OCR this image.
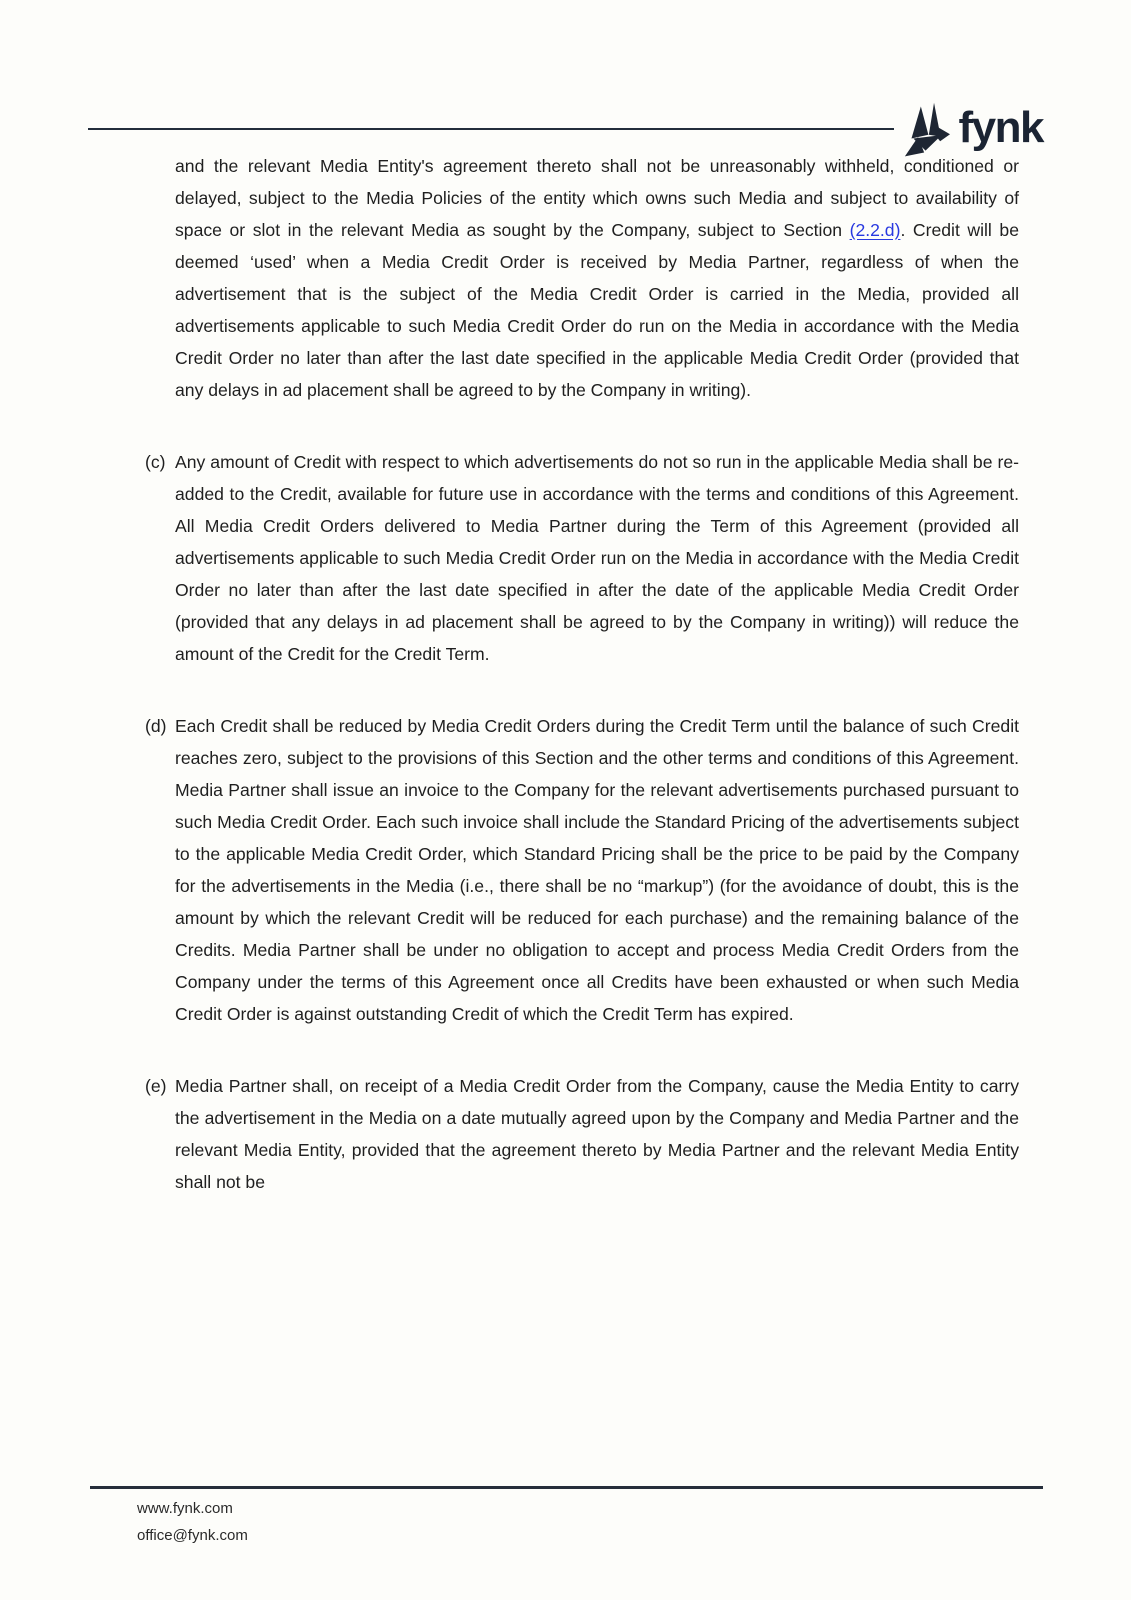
fynk

and the relevant Media Entity's agreement thereto shall not be unreasonably withheld, conditioned or delayed, subject to the Media Policies of the entity which owns such Media and subject to availability of space or slot in the relevant Media as sought by the Company, subject to Section (2.2.d). Credit will be deemed ‘used’ when a Media Credit Order is received by Media Partner, regardless of when the advertisement that is the subject of the Media Credit Order is carried in the Media, provided all advertisements applicable to such Media Credit Order do run on the Media in accordance with the Media Credit Order no later than after the last date specified in the applicable Media Credit Order (provided that any delays in ad placement shall be agreed to by the Company in writing).

(c) Any amount of Credit with respect to which advertisements do not so run in the applicable Media shall be re-added to the Credit, available for future use in accordance with the terms and conditions of this Agreement. All Media Credit Orders delivered to Media Partner during the Term of this Agreement (provided all advertisements applicable to such Media Credit Order run on the Media in accordance with the Media Credit Order no later than after the last date specified in after the date of the applicable Media Credit Order (provided that any delays in ad placement shall be agreed to by the Company in writing)) will reduce the amount of the Credit for the Credit Term.
(d) Each Credit shall be reduced by Media Credit Orders during the Credit Term until the balance of such Credit reaches zero, subject to the provisions of this Section and the other terms and conditions of this Agreement. Media Partner shall issue an invoice to the Company for the relevant advertisements purchased pursuant to such Media Credit Order. Each such invoice shall include the Standard Pricing of the advertisements subject to the applicable Media Credit Order, which Standard Pricing shall be the price to be paid by the Company for the advertisements in the Media (i.e., there shall be no “markup”) (for the avoidance of doubt, this is the amount by which the relevant Credit will be reduced for each purchase) and the remaining balance of the Credits. Media Partner shall be under no obligation to accept and process Media Credit Orders from the Company under the terms of this Agreement once all Credits have been exhausted or when such Media Credit Order is against outstanding Credit of which the Credit Term has expired.
(e) Media Partner shall, on receipt of a Media Credit Order from the Company, cause the Media Entity to carry the advertisement in the Media on a date mutually agreed upon by the Company and Media Partner and the relevant Media Entity, provided that the agreement thereto by Media Partner and the relevant Media Entity shall not be
www.fynk.com
office@fynk.com
